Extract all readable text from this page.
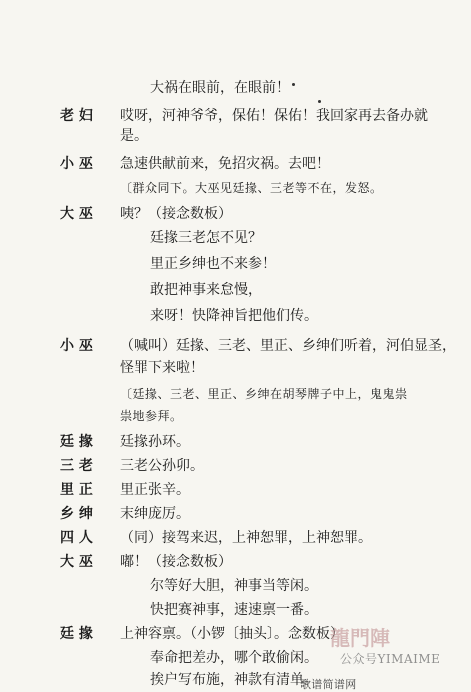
大祸在眼前，在眼前！
老 妇 哎呀，河神爷爷，保佑！保佑！我回家再去备办就
是。
小 巫 急速供献前来，免招灾祸。去吧！
〔群众同下。大巫见廷掾、三老等不在，发怒。
大 巫 咦？（接念数板）
廷掾三老怎不见？
里正乡绅也不来参！
敢把神事来怠慢，
来呀！快降神旨把他们传。
小 巫 （喊叫）廷掾、三老、里正、乡绅们听着，河伯显圣，
怪罪下来啦！
〔廷掾、三老、里正、乡绅在胡琴牌子中上，鬼鬼祟
祟地参拜。
廷 掾 廷掾孙环。
三 老 三老公孙卯。
里 正 里正张辛。
乡 绅 末绅庞厉。
四 人 （同）接驾来迟，上神恕罪，上神恕罪。
大 巫 嘟！（接念数板）
尔等好大胆，神事当等闲。
快把赛神事，速速禀一番。
廷 掾 上神容禀。（小锣〔抽头〕。念数板）
奉命把差办，哪个敢偷闲。
挨户写布施，神款有清单。
龍門陣
公众号YIMAIME
歌谱简谱网
